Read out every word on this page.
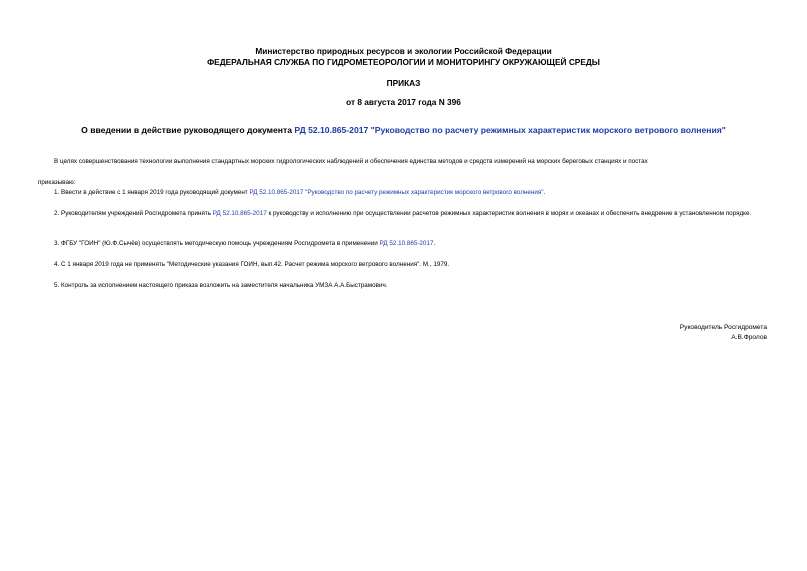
Министерство природных ресурсов и экологии Российской Федерации
ФЕДЕРАЛЬНАЯ СЛУЖБА ПО ГИДРОМЕТЕОРОЛОГИИ И МОНИТОРИНГУ ОКРУЖАЮЩЕЙ СРЕДЫ
ПРИКАЗ
от 8 августа 2017 года N 396
О введении в действие руководящего документа РД 52.10.865-2017 "Руководство по расчету режимных характеристик морского ветрового волнения"
В целях совершенствования технологии выполнения стандартных морских гидрологических наблюдений и обеспечения единства методов и средств измерений на морских береговых станциях и постах
приказываю:
1. Ввести в действие с 1 января 2019 года руководящий документ РД 52.10.865-2017 "Руководство по расчету режимных характеристик морского ветрового волнения".
2. Руководителям учреждений Росгидромета принять РД 52.10.865-2017 к руководству и исполнению при осуществлении расчетов режимных характеристик волнения в морях и океанах и обеспечить внедрение в установленном порядке.
3. ФГБУ "ГОИН" (Ю.Ф.Сычёв) осуществлять методическую помощь учреждениям Росгидромета в применении РД 52.10.865-2017.
4. С 1 января 2019 года не применять "Методические указания ГОИН, вып.42. Расчет режима морского ветрового волнения". М., 1979.
5. Контроль за исполнением настоящего приказа возложить на заместителя начальника УМЗА А.А.Быстрамович.
Руководитель Росгидромета
А.В.Фролов
